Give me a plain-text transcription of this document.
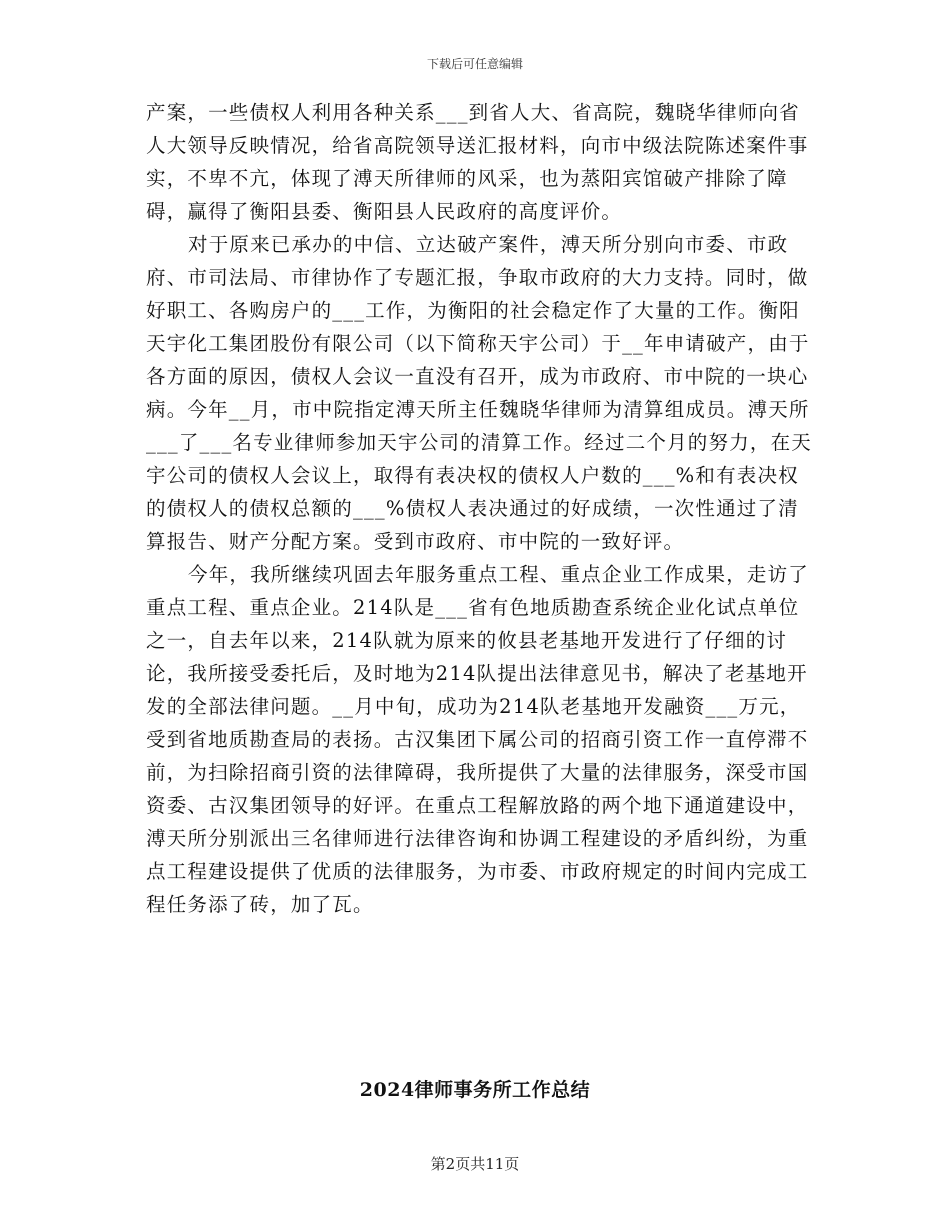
下载后可任意编辑

产案，一些债权人利用各种关系___到省人大、省高院，魏晓华律师向省人大领导反映情况，给省高院领导送汇报材料，向市中级法院陈述案件事实，不卑不亢，体现了溥天所律师的风采，也为蒸阳宾馆破产排除了障碍，赢得了衡阳县委、衡阳县人民政府的高度评价。

对于原来已承办的中信、立达破产案件，溥天所分别向市委、市政府、市司法局、市律协作了专题汇报，争取市政府的大力支持。同时，做好职工、各购房户的___工作，为衡阳的社会稳定作了大量的工作。衡阳天宇化工集团股份有限公司（以下简称天宇公司）于__年申请破产，由于各方面的原因，债权人会议一直没有召开，成为市政府、市中院的一块心病。今年__月，市中院指定溥天所主任魏晓华律师为清算组成员。溥天所___了___名专业律师参加天宇公司的清算工作。经过二个月的努力，在天宇公司的债权人会议上，取得有表决权的债权人户数的___%和有表决权的债权人的债权总额的___%债权人表决通过的好成绩，一次性通过了清算报告、财产分配方案。受到市政府、市中院的一致好评。

今年，我所继续巩固去年服务重点工程、重点企业工作成果，走访了重点工程、重点企业。214队是___省有色地质勘查系统企业化试点单位之一，自去年以来，214队就为原来的攸县老基地开发进行了仔细的讨论，我所接受委托后，及时地为214队提出法律意见书，解决了老基地开发的全部法律问题。__月中旬，成功为214队老基地开发融资___万元，受到省地质勘查局的表扬。古汉集团下属公司的招商引资工作一直停滞不前，为扫除招商引资的法律障碍，我所提供了大量的法律服务，深受市国资委、古汉集团领导的好评。在重点工程解放路的两个地下通道建设中，溥天所分别派出三名律师进行法律咨询和协调工程建设的矛盾纠纷，为重点工程建设提供了优质的法律服务，为市委、市政府规定的时间内完成工程任务添了砖，加了瓦。

2024律师事务所工作总结
第2页共11页
